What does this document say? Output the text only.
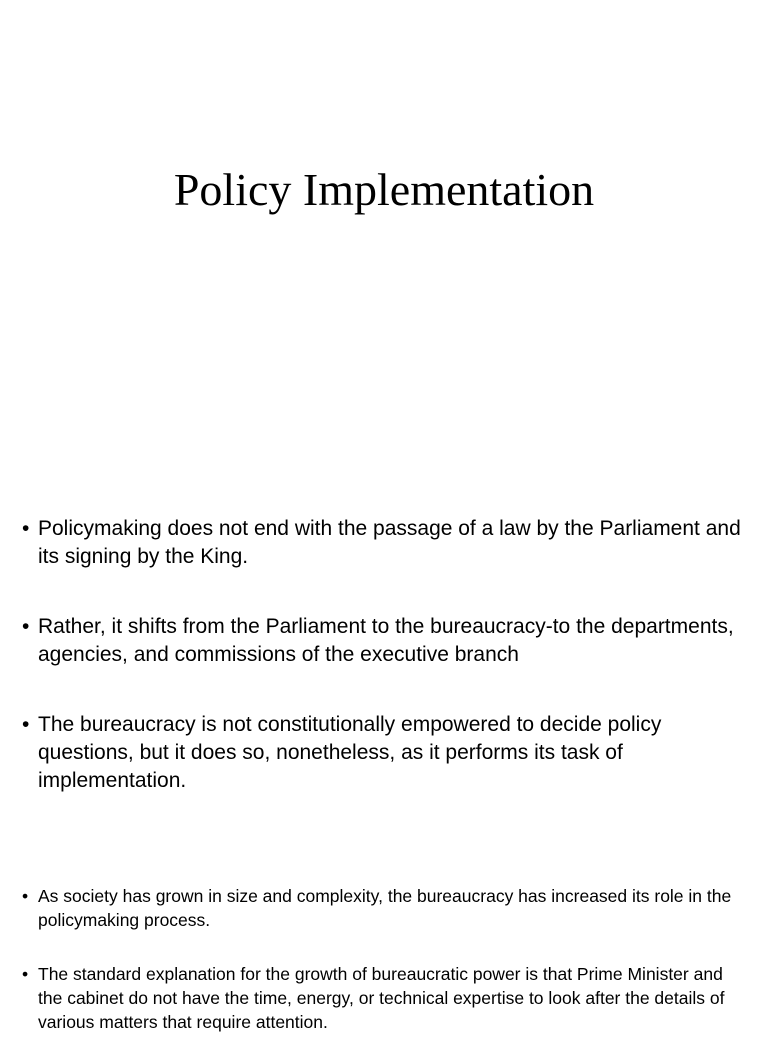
Policy Implementation
• Policymaking does not end with the passage of a law by the Parliament and its signing by the King.
• Rather, it shifts from the Parliament to the bureaucracy-to the departments, agencies, and commissions of the executive branch
• The bureaucracy is not constitutionally empowered to decide policy questions, but it does so, nonetheless, as it performs its task of implementation.
• As society has grown in size and complexity, the bureaucracy has increased its role in the policymaking process.
• The standard explanation for the growth of bureaucratic power is that Prime Minister and the cabinet do not have the time, energy, or technical expertise to look after the details of various matters that require attention.
